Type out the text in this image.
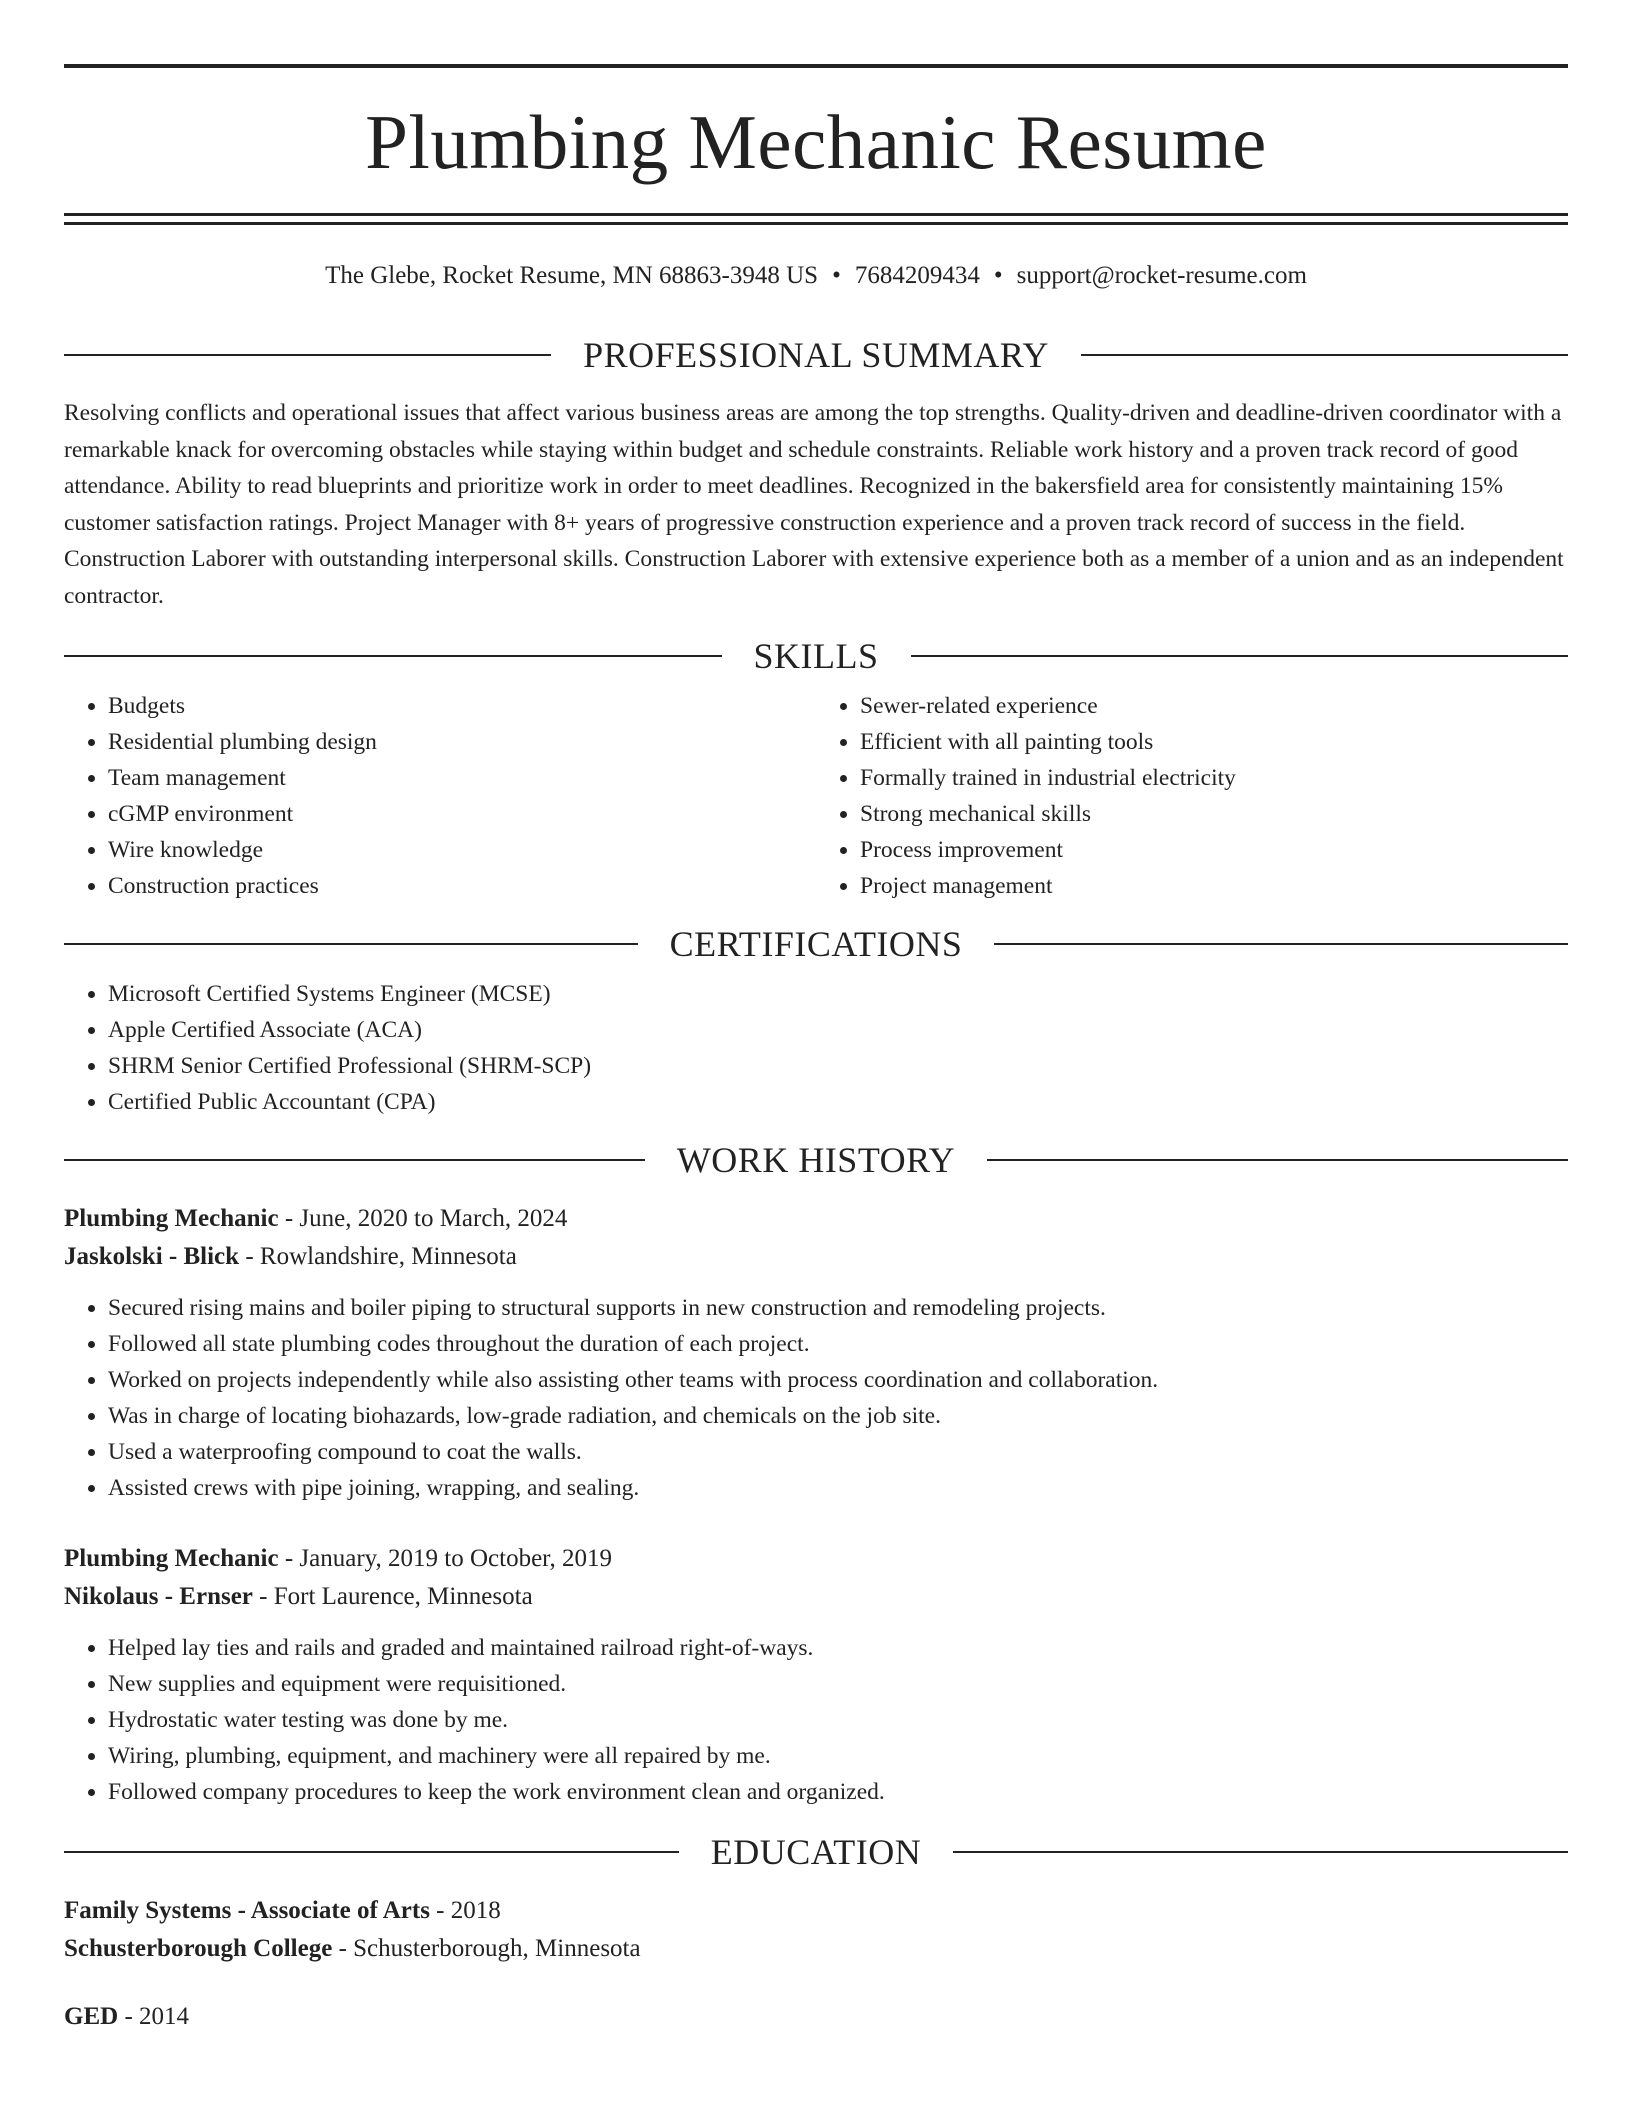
Plumbing Mechanic Resume
The Glebe, Rocket Resume, MN 68863-3948 US • 7684209434 • support@rocket-resume.com
PROFESSIONAL SUMMARY

Resolving conflicts and operational issues that affect various business areas are among the top strengths. Quality-driven and deadline-driven coordinator with a remarkable knack for overcoming obstacles while staying within budget and schedule constraints. Reliable work history and a proven track record of good attendance. Ability to read blueprints and prioritize work in order to meet deadlines. Recognized in the bakersfield area for consistently maintaining 15% customer satisfaction ratings. Project Manager with 8+ years of progressive construction experience and a proven track record of success in the field. Construction Laborer with outstanding interpersonal skills. Construction Laborer with extensive experience both as a member of a union and as an independent contractor.

SKILLS
• Budgets
• Residential plumbing design
• Team management
• cGMP environment
• Wire knowledge
• Construction practices
• Sewer-related experience
• Efficient with all painting tools
• Formally trained in industrial electricity
• Strong mechanical skills
• Process improvement
• Project management
CERTIFICATIONS
• Microsoft Certified Systems Engineer (MCSE)
• Apple Certified Associate (ACA)
• SHRM Senior Certified Professional (SHRM-SCP)
• Certified Public Accountant (CPA)
WORK HISTORY
Plumbing Mechanic - June, 2020 to March, 2024
Jaskolski - Blick - Rowlandshire, Minnesota
• Secured rising mains and boiler piping to structural supports in new construction and remodeling projects.
• Followed all state plumbing codes throughout the duration of each project.
• Worked on projects independently while also assisting other teams with process coordination and collaboration.
• Was in charge of locating biohazards, low-grade radiation, and chemicals on the job site.
• Used a waterproofing compound to coat the walls.
• Assisted crews with pipe joining, wrapping, and sealing.
Plumbing Mechanic - January, 2019 to October, 2019
Nikolaus - Ernser - Fort Laurence, Minnesota
• Helped lay ties and rails and graded and maintained railroad right-of-ways.
• New supplies and equipment were requisitioned.
• Hydrostatic water testing was done by me.
• Wiring, plumbing, equipment, and machinery were all repaired by me.
• Followed company procedures to keep the work environment clean and organized.
EDUCATION
Family Systems - Associate of Arts - 2018
Schusterborough College - Schusterborough, Minnesota
GED - 2014
